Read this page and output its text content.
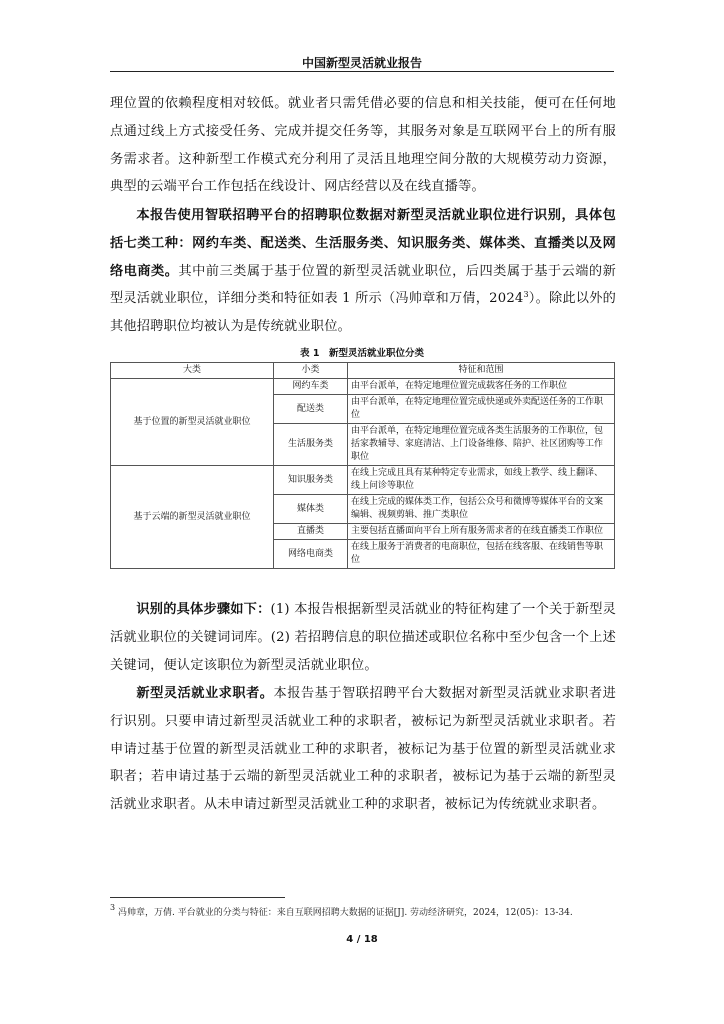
中国新型灵活就业报告

理位置的依赖程度相对较低。就业者只需凭借必要的信息和相关技能，便可在任何地点通过线上方式接受任务、完成并提交任务等，其服务对象是互联网平台上的所有服务需求者。这种新型工作模式充分利用了灵活且地理空间分散的大规模劳动力资源，典型的云端平台工作包括在线设计、网店经营以及在线直播等。

本报告使用智联招聘平台的招聘职位数据对新型灵活就业职位进行识别，具体包括七类工种：网约车类、配送类、生活服务类、知识服务类、媒体类、直播类以及网络电商类。其中前三类属于基于位置的新型灵活就业职位，后四类属于基于云端的新型灵活就业职位，详细分类和特征如表 1 所示（冯帅章和万倩，2024$^3$）。除此以外的其他招聘职位均被认为是传统就业职位。

表 1　新型灵活就业职位分类
大类	小类	特征和范围
基于位置的新型灵活就业职位	网约车类	由平台派单，在特定地理位置完成载客任务的工作职位
	配送类	由平台派单，在特定地理位置完成快递或外卖配送任务的工作职位
	生活服务类	由平台派单，在特定地理位置完成各类生活服务的工作职位，包括家教辅导、家庭清洁、上门设备维修、陪护、社区团购等工作职位
基于云端的新型灵活就业职位	知识服务类	在线上完成且具有某种特定专业需求，如线上教学、线上翻译、线上问诊等职位
	媒体类	在线上完成的媒体类工作，包括公众号和微博等媒体平台的文案编辑、视频剪辑、推广类职位
	直播类	主要包括直播面向平台上所有服务需求者的在线直播类工作职位
	网络电商类	在线上服务于消费者的电商职位，包括在线客服、在线销售等职位

识别的具体步骤如下：(1) 本报告根据新型灵活就业的特征构建了一个关于新型灵活就业职位的关键词词库。(2) 若招聘信息的职位描述或职位名称中至少包含一个上述关键词，便认定该职位为新型灵活就业职位。

新型灵活就业求职者。本报告基于智联招聘平台大数据对新型灵活就业求职者进行识别。只要申请过新型灵活就业工种的求职者，被标记为新型灵活就业求职者。若申请过基于位置的新型灵活就业工种的求职者，被标记为基于位置的新型灵活就业求职者；若申请过基于云端的新型灵活就业工种的求职者，被标记为基于云端的新型灵活就业求职者。从未申请过新型灵活就业工种的求职者，被标记为传统就业求职者。

$^3$ 冯帅章，万倩. 平台就业的分类与特征：来自互联网招聘大数据的证据[J]. 劳动经济研究，2024，12(05)：13-34.
4 / 18
